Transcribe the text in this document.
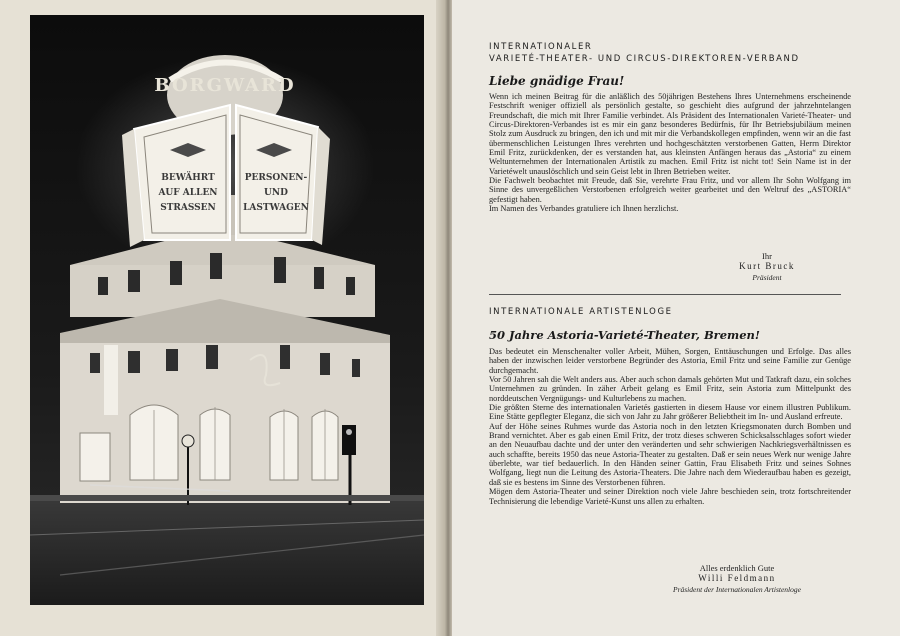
BORGWARD
BEWÄHRT
AUF ALLEN
STRASSEN
PERSONEN-
UND
LASTWAGEN
INTERNATIONALER
VARIETÉ-THEATER- UND CIRCUS-DIREKTOREN-VERBAND
Liebe gnädige Frau!

Wenn ich meinen Beitrag für die anläßlich des 50jährigen Bestehens Ihres Unternehmens erscheinende Festschrift weniger offiziell als persönlich gestalte, so geschieht dies aufgrund der jahrzehntelangen Freundschaft, die mich mit Ihrer Familie verbindet. Als Präsident des Internationalen Varieté-Theater- und Circus-Direktoren-Verbandes ist es mir ein ganz besonderes Bedürfnis, für Ihr Betriebsjubiläum meinen Stolz zum Ausdruck zu bringen, den ich und mit mir die Verbandskollegen empfinden, wenn wir an die fast übermenschlichen Leistungen Ihres verehrten und hochgeschätzten verstorbenen Gatten, Herrn Direktor Emil Fritz, zurückdenken, der es verstanden hat, aus kleinsten Anfängen heraus das „Astoria“ zu einem Weltunternehmen der Internationalen Artistik zu machen. Emil Fritz ist nicht tot! Sein Name ist in der Varietéwelt unauslöschlich und sein Geist lebt in Ihren Betrieben weiter.

Die Fachwelt beobachtet mit Freude, daß Sie, verehrte Frau Fritz, und vor allem Ihr Sohn Wolfgang im Sinne des unvergeßlichen Verstorbenen erfolgreich weiter gearbeitet und den Weltruf des „ASTORIA“ gefestigt haben.

Im Namen des Verbandes gratuliere ich Ihnen herzlichst.

Ihr
Kurt Bruck
Präsident
INTERNATIONALE ARTISTENLOGE
50 Jahre Astoria-Varieté-Theater, Bremen!

Das bedeutet ein Menschenalter voller Arbeit, Mühen, Sorgen, Enttäuschungen und Erfolge. Das alles haben der inzwischen leider verstorbene Begründer des Astoria, Emil Fritz und seine Familie zur Genüge durchgemacht.

Vor 50 Jahren sah die Welt anders aus. Aber auch schon damals gehörten Mut und Tatkraft dazu, ein solches Unternehmen zu gründen. In zäher Arbeit gelang es Emil Fritz, sein Astoria zum Mittelpunkt des norddeutschen Vergnügungs- und Kulturlebens zu machen.

Die größten Sterne des internationalen Varietés gastierten in diesem Hause vor einem illustren Publikum. Eine Stätte gepflegter Eleganz, die sich von Jahr zu Jahr größerer Beliebtheit im In- und Ausland erfreute.

Auf der Höhe seines Ruhmes wurde das Astoria noch in den letzten Kriegsmonaten durch Bomben und Brand vernichtet. Aber es gab einen Emil Fritz, der trotz dieses schweren Schicksalsschlages sofort wieder an den Neuaufbau dachte und der unter den veränderten und sehr schwierigen Nachkriegsverhältnissen es auch schaffte, bereits 1950 das neue Astoria-Theater zu gestalten. Daß er sein neues Werk nur wenige Jahre überlebte, war tief bedauerlich. In den Händen seiner Gattin, Frau Elisabeth Fritz und seines Sohnes Wolfgang, liegt nun die Leitung des Astoria-Theaters. Die Jahre nach dem Wiederaufbau haben es gezeigt, daß sie es bestens im Sinne des Verstorbenen führen.

Mögen dem Astoria-Theater und seiner Direktion noch viele Jahre beschieden sein, trotz fortschreitender Technisierung die lebendige Varieté-Kunst uns allen zu erhalten.

Alles erdenklich Gute
Willi Feldmann
Präsident der Internationalen Artistenloge
